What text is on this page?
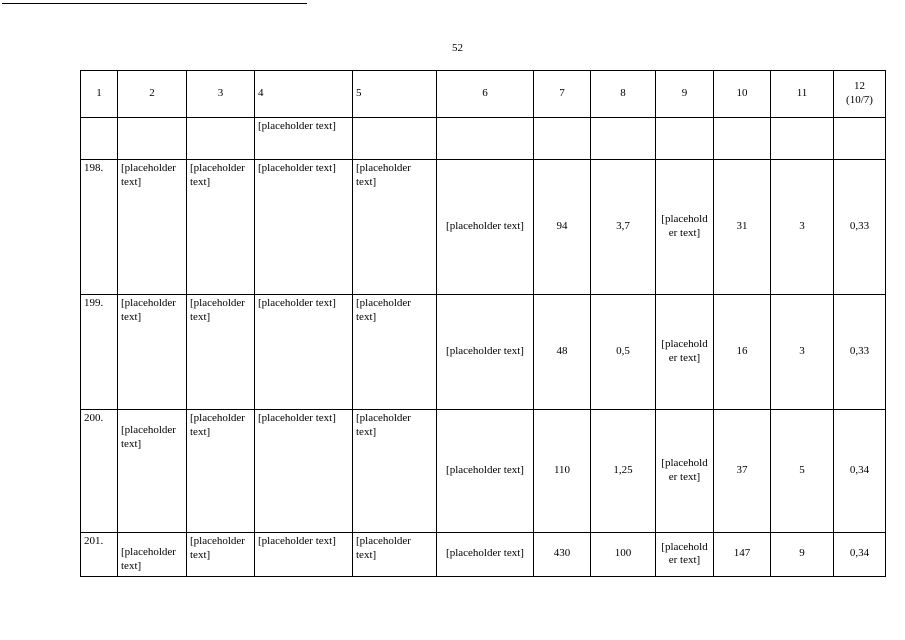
52
1	2	3	4	5	6	7	8	9	10	11	12
(10/7)
			[placeholder text]								
198.	[placeholder text]	[placeholder text]	[placeholder text]	[placeholder text]	[placeholder text]	94	3,7	[placeholder text]	31	3	0,33
199.	[placeholder text]	[placeholder text]	[placeholder text]	[placeholder text]	[placeholder text]	48	0,5	[placeholder text]	16	3	0,33
200.	[placeholder text]	[placeholder text]	[placeholder text]	[placeholder text]	[placeholder text]	110	1,25	[placeholder text]	37	5	0,34
201.	[placeholder text]	[placeholder text]	[placeholder text]	[placeholder text]	[placeholder text]	430	100	[placeholder text]	147	9	0,34
